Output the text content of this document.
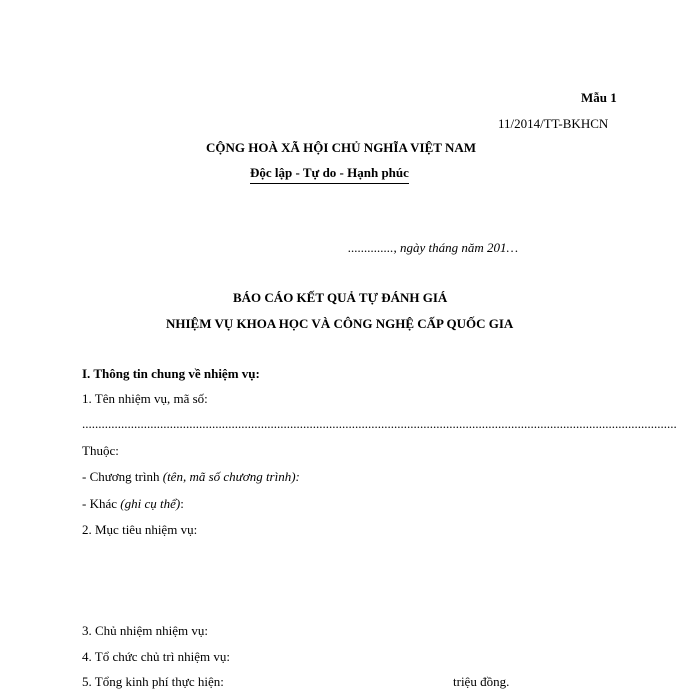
Mẫu 1
11/2014/TT-BKHCN
CỘNG HOÀ XÃ HỘI CHỦ NGHĨA VIỆT NAM
Độc lập - Tự do - Hạnh phúc
.............., ngày tháng năm 201…
BÁO CÁO KẾT QUẢ TỰ ĐÁNH GIÁ
NHIỆM VỤ KHOA HỌC VÀ CÔNG NGHỆ CẤP QUỐC GIA
I. Thông tin chung về nhiệm vụ:
1. Tên nhiệm vụ, mã số:
.......................................................................................................................................................................................
Thuộc:
- Chương trình (tên, mã số chương trình):
- Khác (ghi cụ thể):
2. Mục tiêu nhiệm vụ:
3. Chủ nhiệm nhiệm vụ:
4. Tổ chức chủ trì nhiệm vụ:
5. Tổng kinh phí thực hiện:	triệu đồng.
